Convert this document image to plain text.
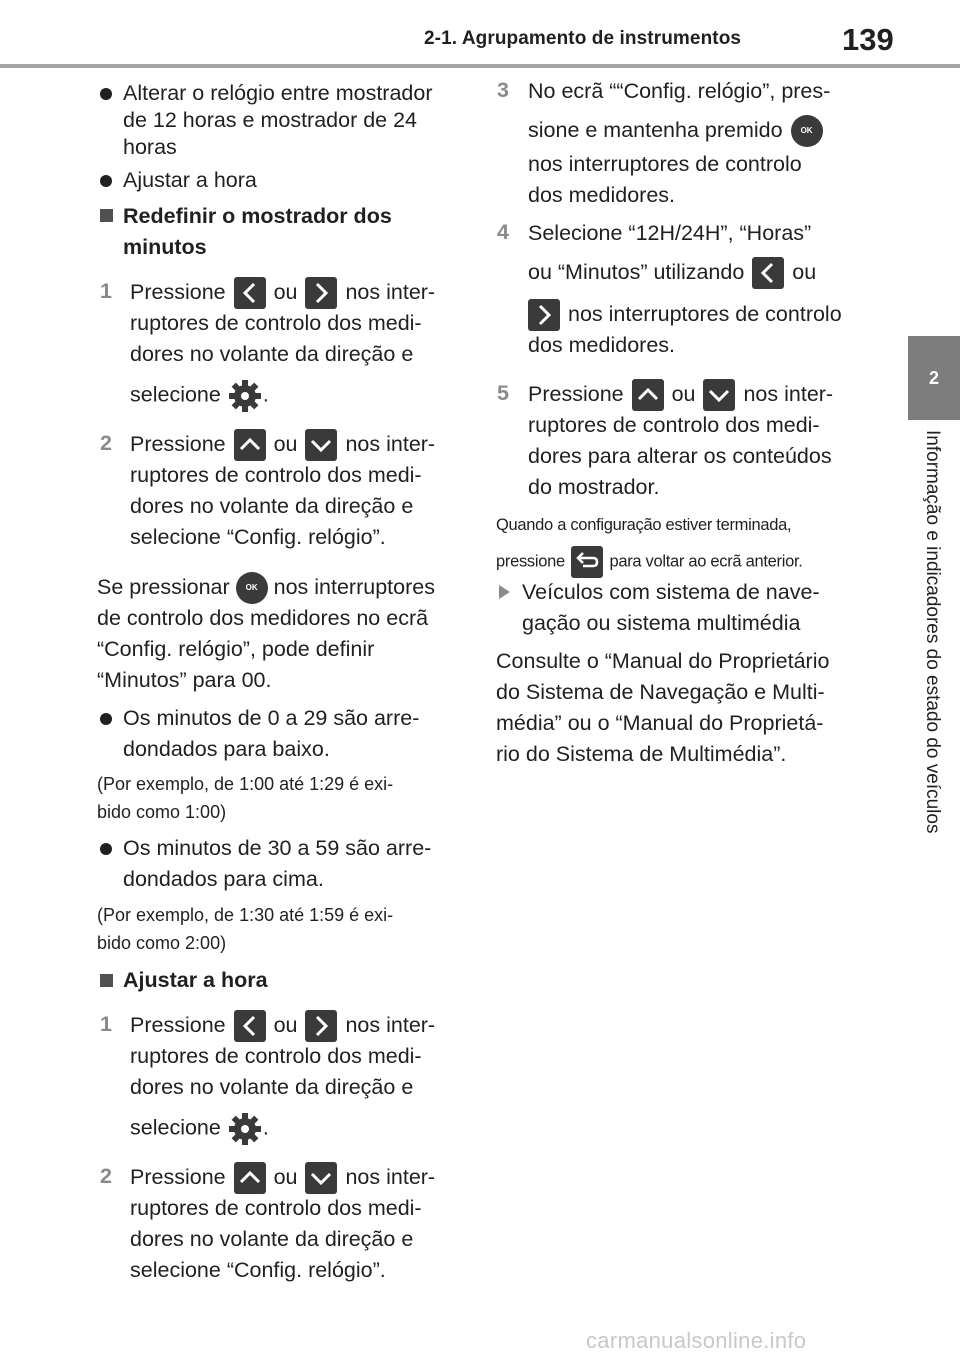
2-1. Agrupamento de instrumentos	139
2
Informação e indicadores do estado do veículos
Alterar o relógio entre mostrador
de 12 horas e mostrador de 24
horas
Ajustar a hora
Redefinir o mostrador dos
minutos
1 Pressione ou nos inter-
ruptores de controlo dos medi-
dores no volante da direção e
selecione .
2 Pressione ou nos inter-
ruptores de controlo dos medi-
dores no volante da direção e
selecione “Config. relógio”.
Se pressionar OK nos interruptores
de controlo dos medidores no ecrã
“Config. relógio”, pode definir
“Minutos” para 00.
Os minutos de 0 a 29 são arre-
dondados para baixo.
(Por exemplo, de 1:00 até 1:29 é exi-
bido como 1:00)
Os minutos de 30 a 59 são arre-
dondados para cima.
(Por exemplo, de 1:30 até 1:59 é exi-
bido como 2:00)
Ajustar a hora
1 Pressione ou nos inter-
ruptores de controlo dos medi-
dores no volante da direção e
selecione .
2 Pressione ou nos inter-
ruptores de controlo dos medi-
dores no volante da direção e
selecione “Config. relógio”.
3 No ecrã ““Config. relógio”, pres-
sione e mantenha premido OK
nos interruptores de controlo
dos medidores.
4 Selecione “12H/24H”, “Horas”
ou “Minutos” utilizando ou
nos interruptores de controlo
dos medidores.
5 Pressione ou nos inter-
ruptores de controlo dos medi-
dores para alterar os conteúdos
do mostrador.
Quando a configuração estiver terminada,
pressione	para voltar ao ecrã anterior.
Veículos com sistema de nave-
gação ou sistema multimédia
Consulte o “Manual do Proprietário
do Sistema de Navegação e Multi-
média” ou o “Manual do Proprietá-
rio do Sistema de Multimédia”.
carmanualsonline.info
